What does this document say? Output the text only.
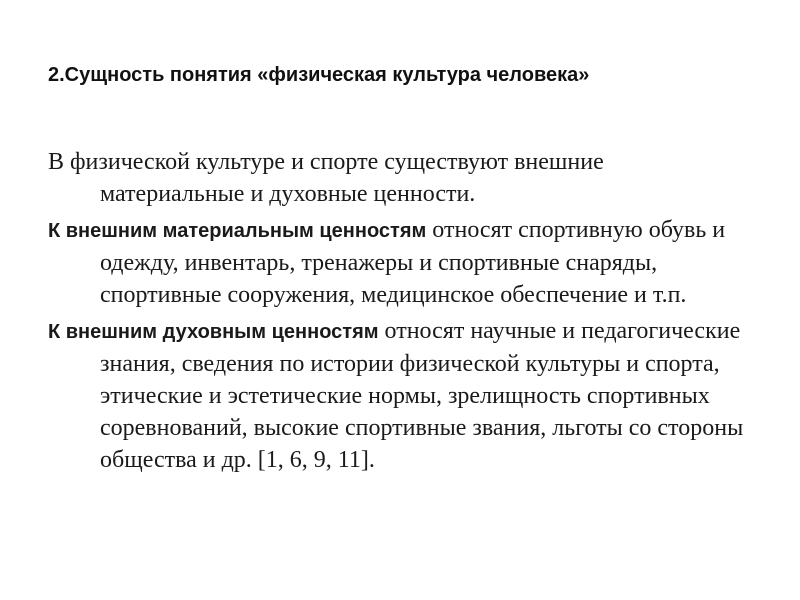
2.Сущность понятия «физическая культура человека»

В физической культуре и спорте существуют внешние материальные и духовные ценности.

К внешним материальным ценностям относят спортивную обувь и одежду, инвентарь, тренажеры и спортивные снаряды, спортивные сооружения, медицинское обеспечение и т.п.

К внешним духовным ценностям относят научные и педагогические знания, сведения по истории физической культуры и спорта, этические и эстетические нормы, зрелищность спортивных соревнований, высокие спортивные звания, льготы со стороны общества и др. [1, 6, 9, 11].
